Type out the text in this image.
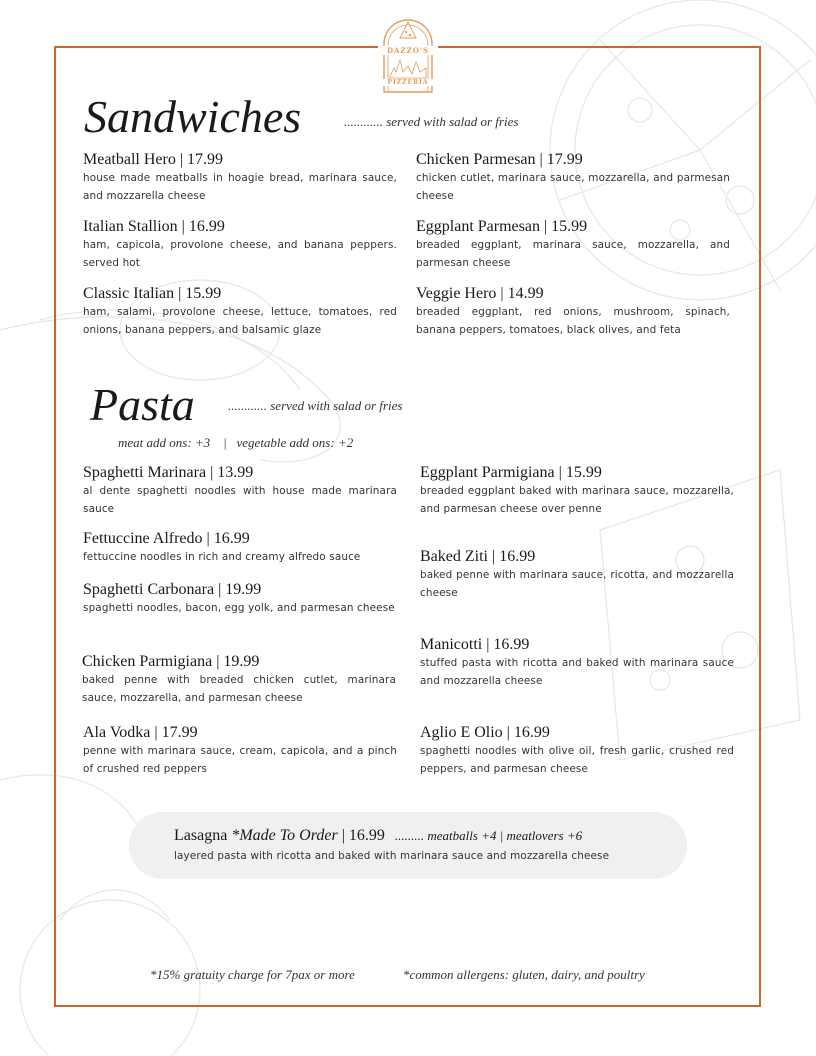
DAZZO'S
PIZZERIA
Sandwiches	............ served with salad or fries
Meatball Hero | 17.99
house made meatballs in hoagie bread, marinara sauce, and mozzarella cheese
Italian Stallion | 16.99
ham, capicola, provolone cheese, and banana peppers. served hot
Classic Italian | 15.99
ham, salami, provolone cheese, lettuce, tomatoes, red onions, banana peppers, and balsamic glaze
Chicken Parmesan | 17.99
chicken cutlet, marinara sauce, mozzarella, and parmesan cheese
Eggplant Parmesan | 15.99
breaded eggplant, marinara sauce, mozzarella, and parmesan cheese
Veggie Hero | 14.99
breaded eggplant, red onions, mushroom, spinach, banana peppers, tomatoes, black olives, and feta
Pasta	............ served with salad or fries
meat add ons: +3    |   vegetable add ons: +2
Spaghetti Marinara | 13.99
al dente spaghetti noodles with house made marinara sauce
Fettuccine Alfredo | 16.99
fettuccine noodles in rich and creamy alfredo sauce
Spaghetti Carbonara | 19.99
spaghetti noodles, bacon, egg yolk, and parmesan cheese
Chicken Parmigiana | 19.99
baked penne with breaded chicken cutlet, marinara sauce, mozzarella, and parmesan cheese
Ala Vodka | 17.99
penne with marinara sauce, cream, capicola, and a pinch of crushed red peppers
Eggplant Parmigiana | 15.99
breaded eggplant baked with marinara sauce, mozzarella, and parmesan cheese over penne
Baked Ziti | 16.99
baked penne with marinara sauce, ricotta, and mozzarella cheese
Manicotti | 16.99
stuffed pasta with ricotta and baked with marinara sauce and mozzarella cheese
Aglio E Olio | 16.99
spaghetti noodles with olive oil, fresh garlic, crushed red peppers, and parmesan cheese
Lasagna *Made To Order | 16.99 ......... meatballs +4 | meatlovers +6
layered pasta with ricotta and baked with marinara sauce and mozzarella cheese
*15% gratuity charge for 7pax or more	*common allergens: gluten, dairy, and poultry
